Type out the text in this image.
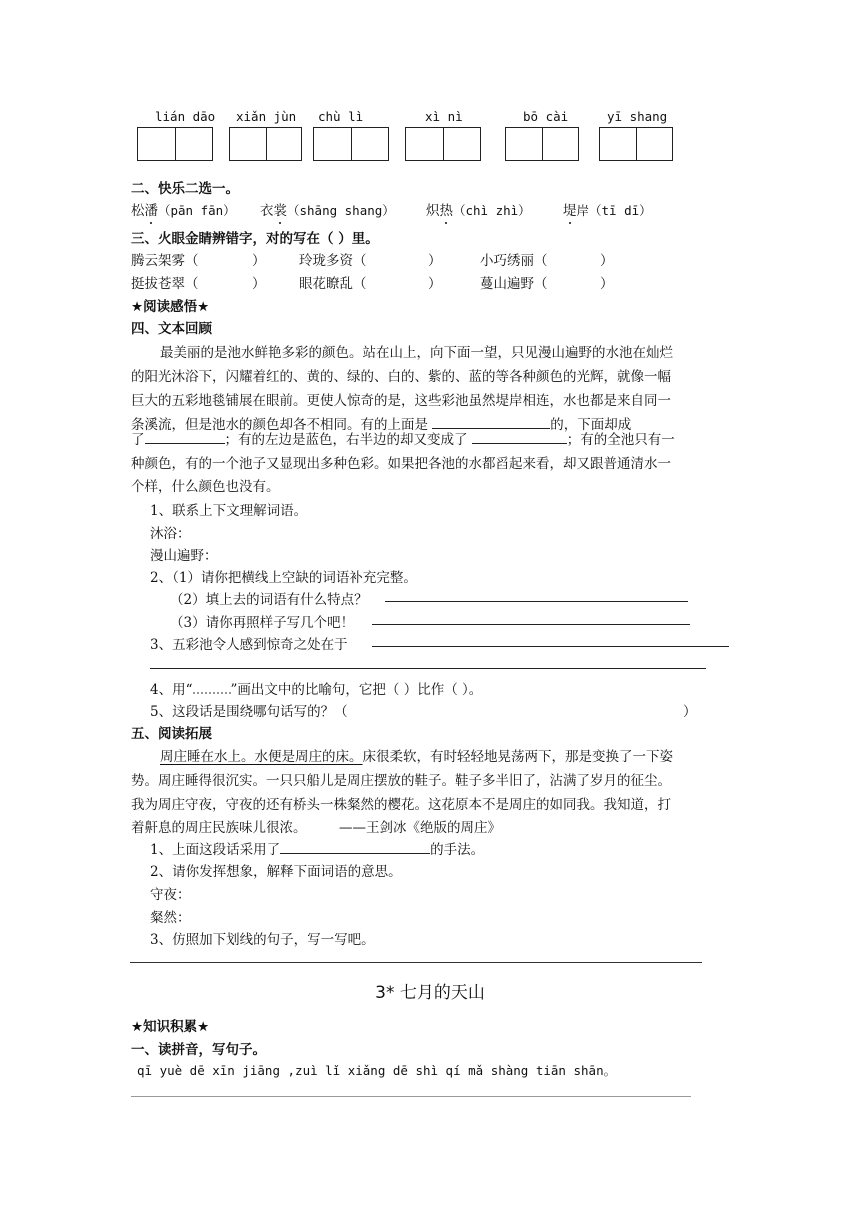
lián dāo xiǎn jùn chù lì	xì nì	bō cài	yī shang
二、快乐二选一。
松潘（pān fān） 衣裳（shāng shang） 炽热（chì zhì） 堤岸（tī dī）
三、火眼金睛辨错字，对的写在（ ）里。
腾云架雾（	） 玲珑多资（	）	小巧绣丽（	）
挺拔苍翠（	） 眼花瞭乱（	）	蔓山遍野（	）
★阅读感悟★
四、文本回顾
最美丽的是池水鲜艳多彩的颜色。站在山上，向下面一望，只见漫山遍野的水池在灿烂
的阳光沐浴下，闪耀着红的、黄的、绿的、白的、紫的、蓝的等各种颜色的光辉，就像一幅
巨大的五彩地毯铺展在眼前。更使人惊奇的是，这些彩池虽然堤岸相连，水也都是来自同一
条溪流，但是池水的颜色却各不相同。有的上面是	的，下面却成
了	；有的左边是蓝色，右半边的却又变成了	；有的全池只有一
种颜色，有的一个池子又显现出多种色彩。如果把各池的水都舀起来看，却又跟普通清水一
个样，什么颜色也没有。
1、联系上下文理解词语。
沐浴：
漫山遍野：
2、（1）请你把横线上空缺的词语补充完整。
（2）填上去的词语有什么特点？
（3）请你再照样子写几个吧！
3、五彩池令人感到惊奇之处在于
4、用“	”画出文中的比喻句，它把（ ）比作（ ）。
5、这段话是围绕哪句话写的？（	）
五、阅读拓展
周庄睡在水上。水便是周庄的床。床很柔软，有时轻轻地晃荡两下，那是变换了一下姿
势。周庄睡得很沉实。一只只船儿是周庄摆放的鞋子。鞋子多半旧了，沾满了岁月的征尘。
我为周庄守夜，守夜的还有桥头一株粲然的樱花。这花原本不是周庄的如同我。我知道，打
着鼾息的周庄民族味儿很浓。 ——王剑冰《绝版的周庄》
1、上面这段话采用了	的手法。
2、请你发挥想象，解释下面词语的意思。
守夜：
粲然：
3、仿照加下划线的句子，写一写吧。
3* 七月的天山
★知识积累★
一、读拼音，写句子。
qī yuè dē xīn jiāng ,zuì lǐ xiǎng dē shì qí mǎ shàng tiān shān。
